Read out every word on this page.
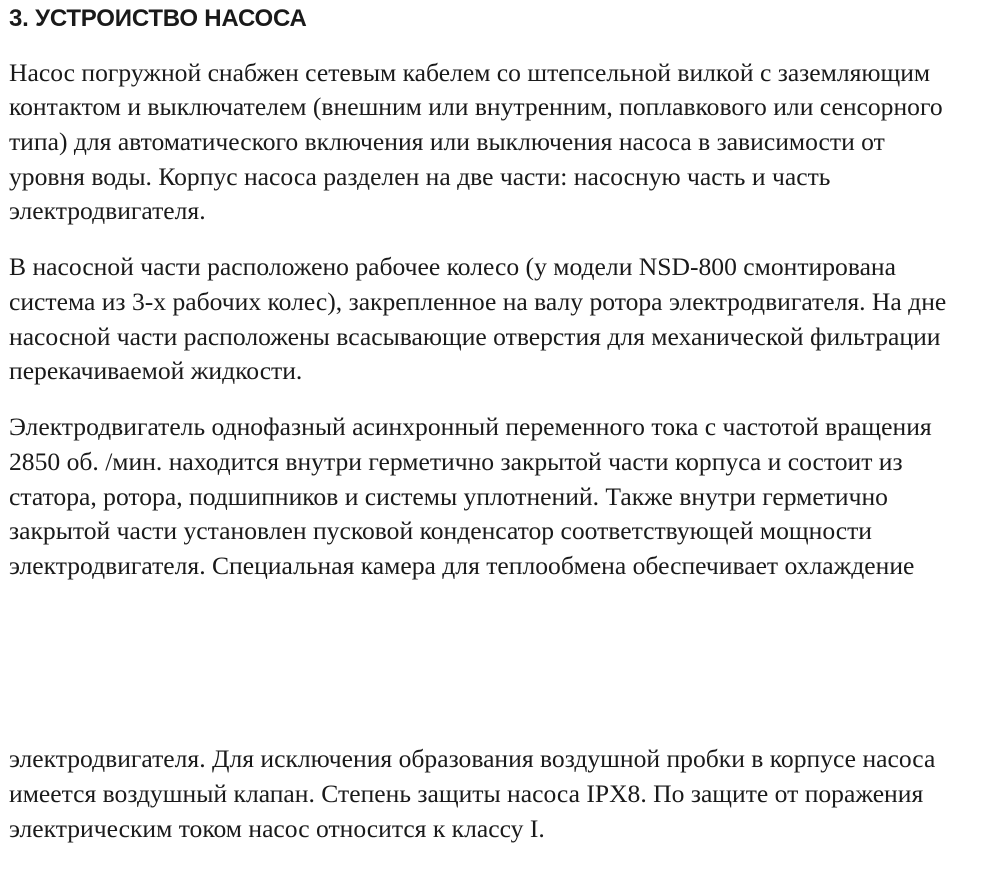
3. УСТРОИСТВО НАСОСА

Насос погружной снабжен сетевым кабелем со штепсельной вилкой с заземляющим

контактом и выключателем (внешним или внутренним, поплавкового или сенсорного

типа) для автоматического включения или выключения насоса в зависимости от

уровня воды. Корпус насоса разделен на две части: насосную часть и часть

электродвигателя.

В насосной части расположено рабочее колесо (у модели NSD-800 смонтирована

система из 3-х рабочих колес), закрепленное на валу ротора электродвигателя. На дне

насосной части расположены всасывающие отверстия для механической фильтрации

перекачиваемой жидкости.

Электродвигатель однофазный асинхронный переменного тока с частотой вращения

2850 об. /мин. находится внутри герметично закрытой части корпуса и состоит из

статора, ротора, подшипников и системы уплотнений. Также внутри герметично

закрытой части установлен пусковой конденсатор соответствующей мощности

электродвигателя. Специальная камера для теплообмена обеспечивает охлаждение

электродвигателя. Для исключения образования воздушной пробки в корпусе насоса

имеется воздушный клапан. Степень защиты насоса IPX8. По защите от поражения

электрическим током насос относится к классу I.
